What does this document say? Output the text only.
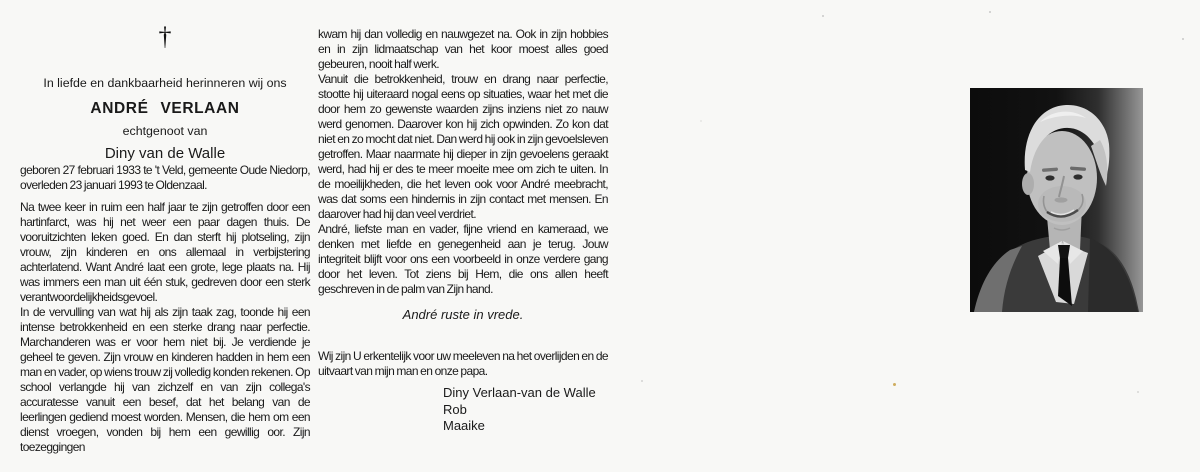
†
In liefde en dankbaarheid herinneren wij ons
ANDRÉ VERLAAN
echtgenoot van
Diny van de Walle

geboren 27 februari 1933 te 't Veld, gemeente Oude Niedorp, overleden 23 januari 1993 te Oldenzaal.

Na twee keer in ruim een half jaar te zijn getroffen door een hartinfarct, was hij net weer een paar dagen thuis. De vooruitzichten leken goed. En dan sterft hij plotseling, zijn vrouw, zijn kinderen en ons allemaal in verbijstering achterlatend. Want André laat een grote, lege plaats na. Hij was immers een man uit één stuk, gedreven door een sterk verantwoordelijkheidsgevoel.

In de vervulling van wat hij als zijn taak zag, toonde hij een intense betrokkenheid en een sterke drang naar perfectie. Marchanderen was er voor hem niet bij. Je verdiende je geheel te geven. Zijn vrouw en kinderen hadden in hem een man en vader, op wiens trouw zij volledig konden rekenen. Op school verlangde hij van zichzelf en van zijn collega's accuratesse vanuit een besef, dat het belang van de leerlingen gediend moest worden. Mensen, die hem om een dienst vroegen, vonden bij hem een gewillig oor. Zijn toezeggingen

kwam hij dan volledig en nauwgezet na. Ook in zijn hobbies en in zijn lidmaatschap van het koor moest alles goed gebeuren, nooit half werk.

Vanuit die betrokkenheid, trouw en drang naar perfectie, stootte hij uiteraard nogal eens op situaties, waar het met die door hem zo gewenste waarden zijns inziens niet zo nauw werd genomen. Daarover kon hij zich opwinden. Zo kon dat niet en zo mocht dat niet. Dan werd hij ook in zijn gevoelsleven getroffen. Maar naarmate hij dieper in zijn gevoelens geraakt werd, had hij er des te meer moeite mee om zich te uiten. In de moeilijkheden, die het leven ook voor André meebracht, was dat soms een hindernis in zijn contact met mensen. En daarover had hij dan veel verdriet.

André, liefste man en vader, fijne vriend en kameraad, we denken met liefde en genegenheid aan je terug. Jouw integriteit blijft voor ons een voorbeeld in onze verdere gang door het leven. Tot ziens bij Hem, die ons allen heeft geschreven in de palm van Zijn hand.

André ruste in vrede.

Wij zijn U erkentelijk voor uw meeleven na het overlijden en de uitvaart van mijn man en onze papa.

Diny Verlaan-van de Walle
Rob
Maaike
